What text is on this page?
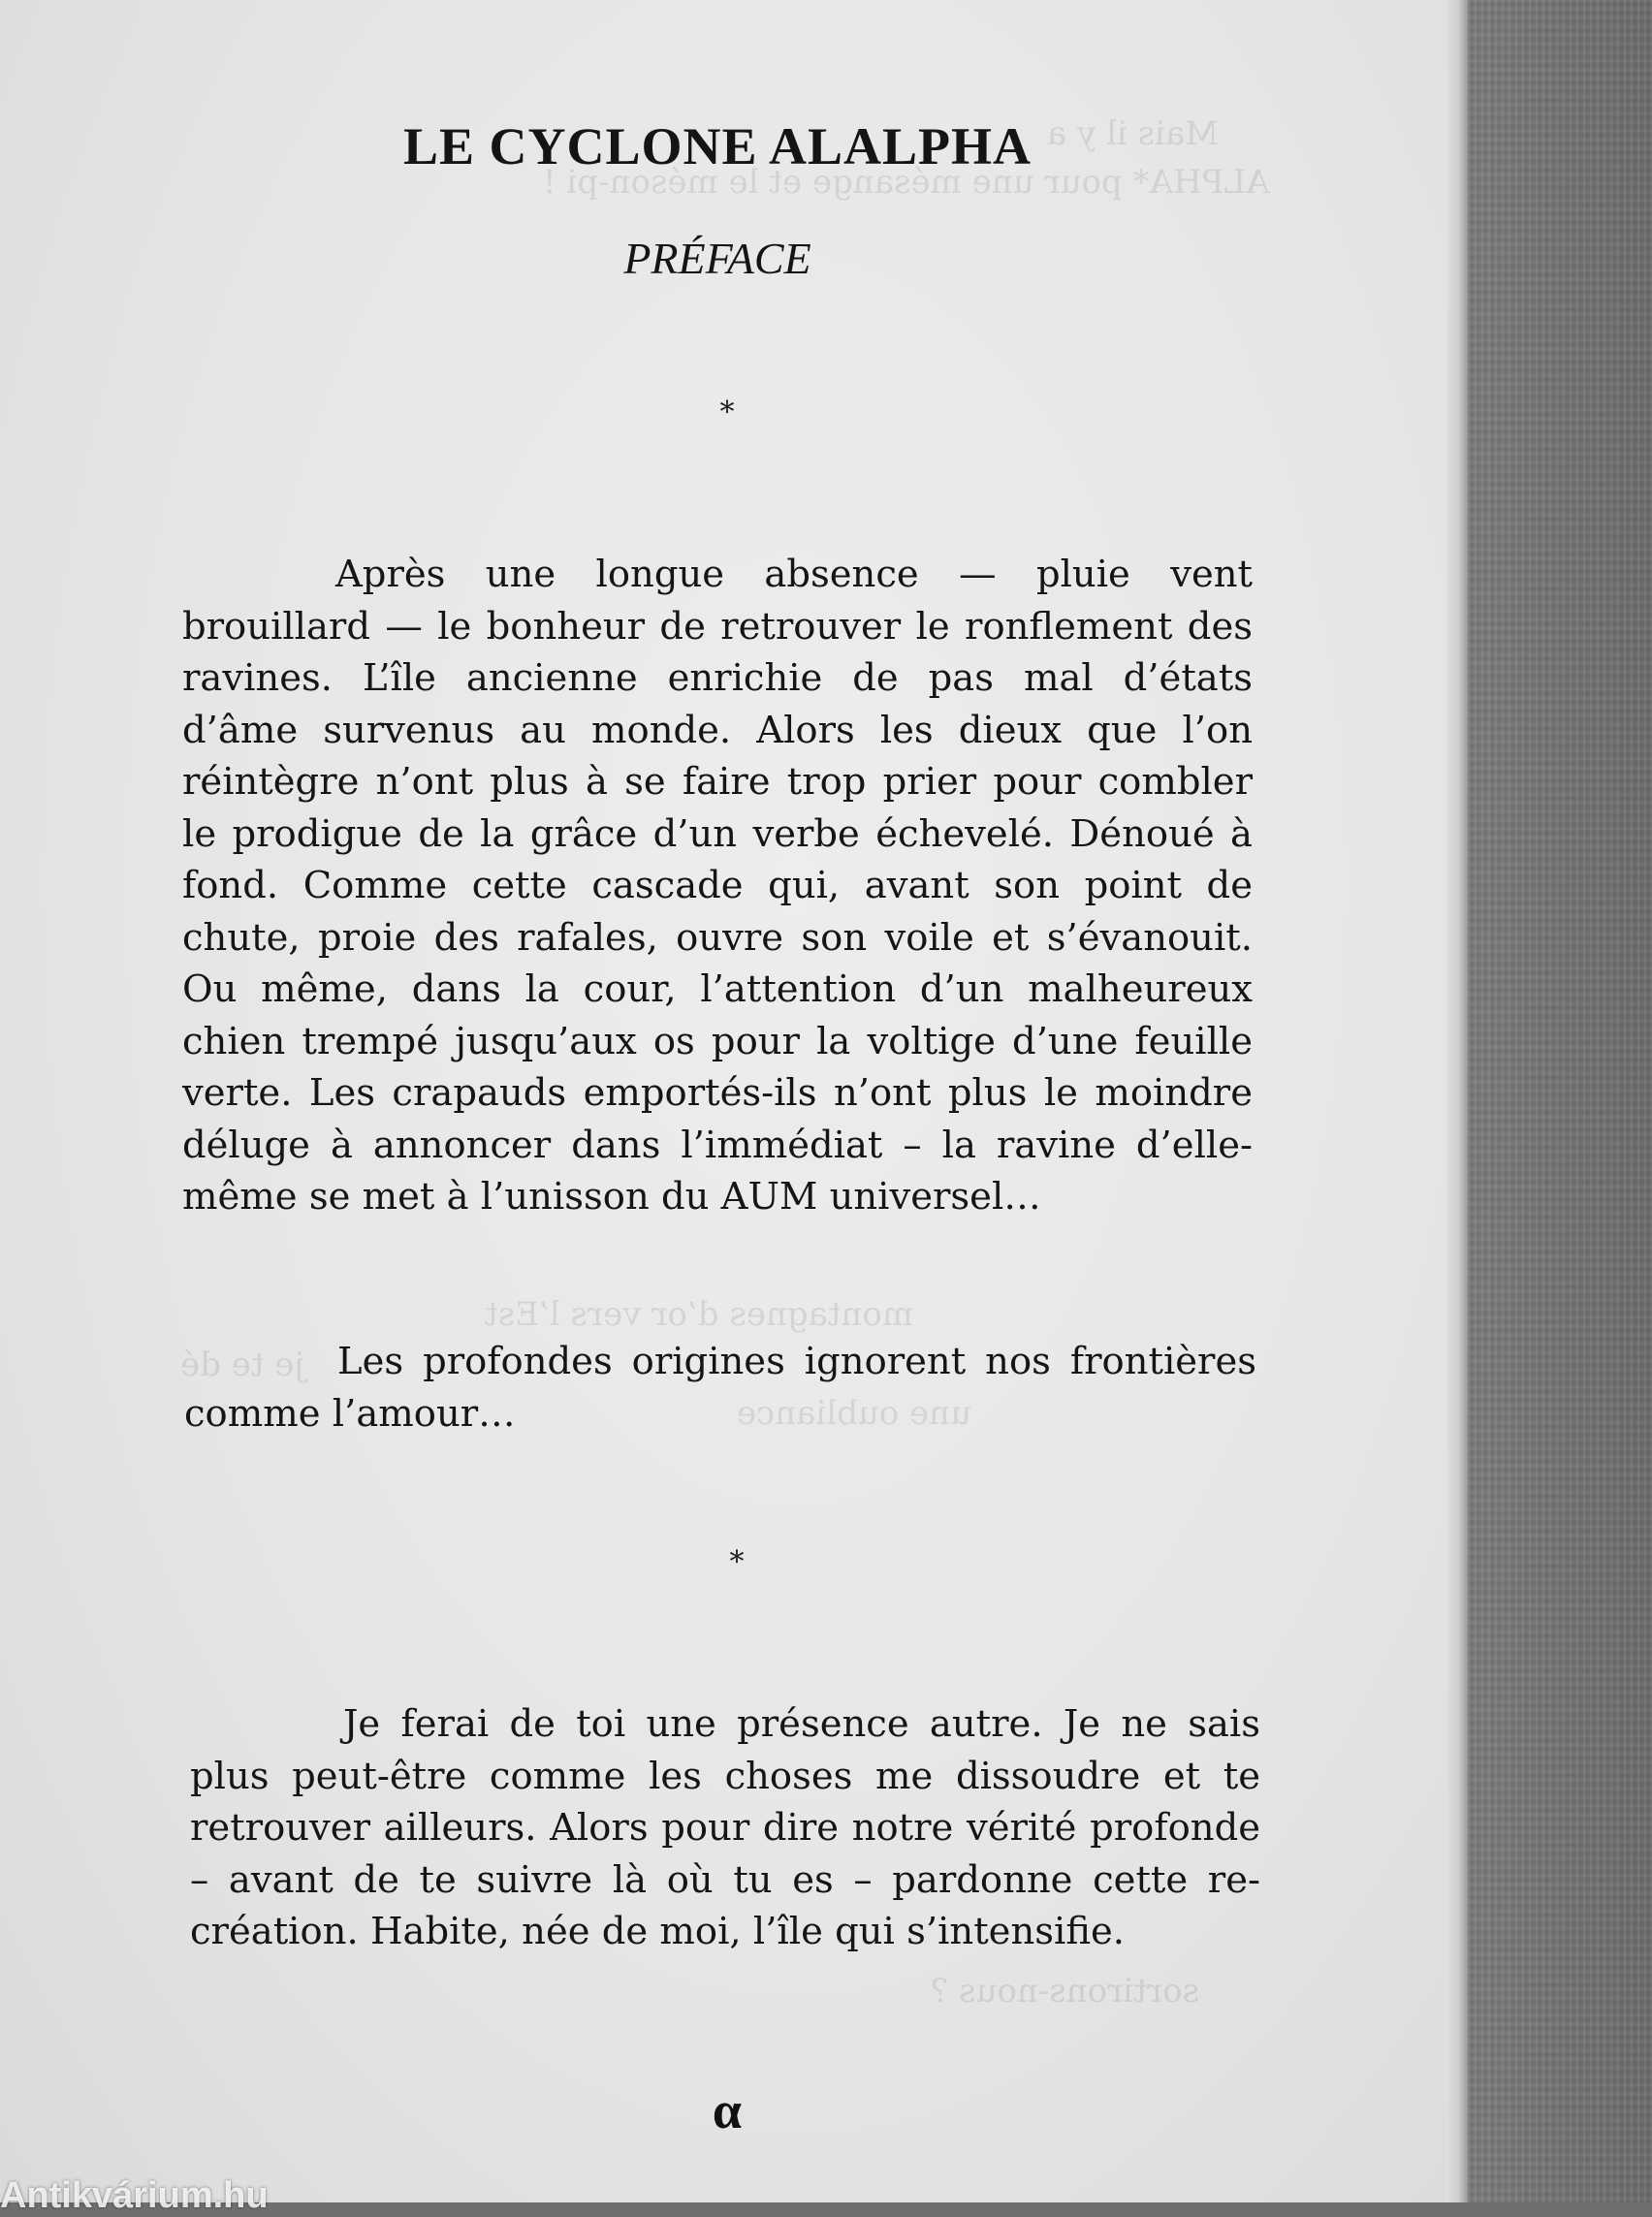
Mais il y a
ALPHA* pour une mésange et le méson-pi !
montagnes d’or vers l’Est
je te dé
une oubliance
sortirons-nous ?
LE CYCLONE ALALPHA
PRÉFACE
*

Après une longue absence — pluie vent brouillard — le bonheur de retrouver le ronflement des ravines. L’île ancienne enrichie de pas mal d’états d’âme survenus au monde. Alors les dieux que l’on réintègre n’ont plus à se faire trop prier pour combler le prodigue de la grâce d’un verbe échevelé. Dénoué à fond. Comme cette cascade qui, avant son point de chute, proie des rafales, ouvre son voile et s’évanouit. Ou même, dans la cour, l’attention d’un malheureux chien trempé jusqu’aux os pour la voltige d’une feuille verte. Les crapauds emportés-ils n’ont plus le moindre déluge à annoncer dans l’immédiat – la ravine d’elle-même se met à l’unisson du AUM universel…

Les profondes origines ignorent nos frontières comme l’amour…

*

Je ferai de toi une présence autre. Je ne sais plus peut-être comme les choses me dissoudre et te retrouver ailleurs. Alors pour dire notre vérité profonde – avant de te suivre là où tu es – pardonne cette re-création. Habite, née de moi, l’île qui s’intensifie.

α
Antikvárium.hu
